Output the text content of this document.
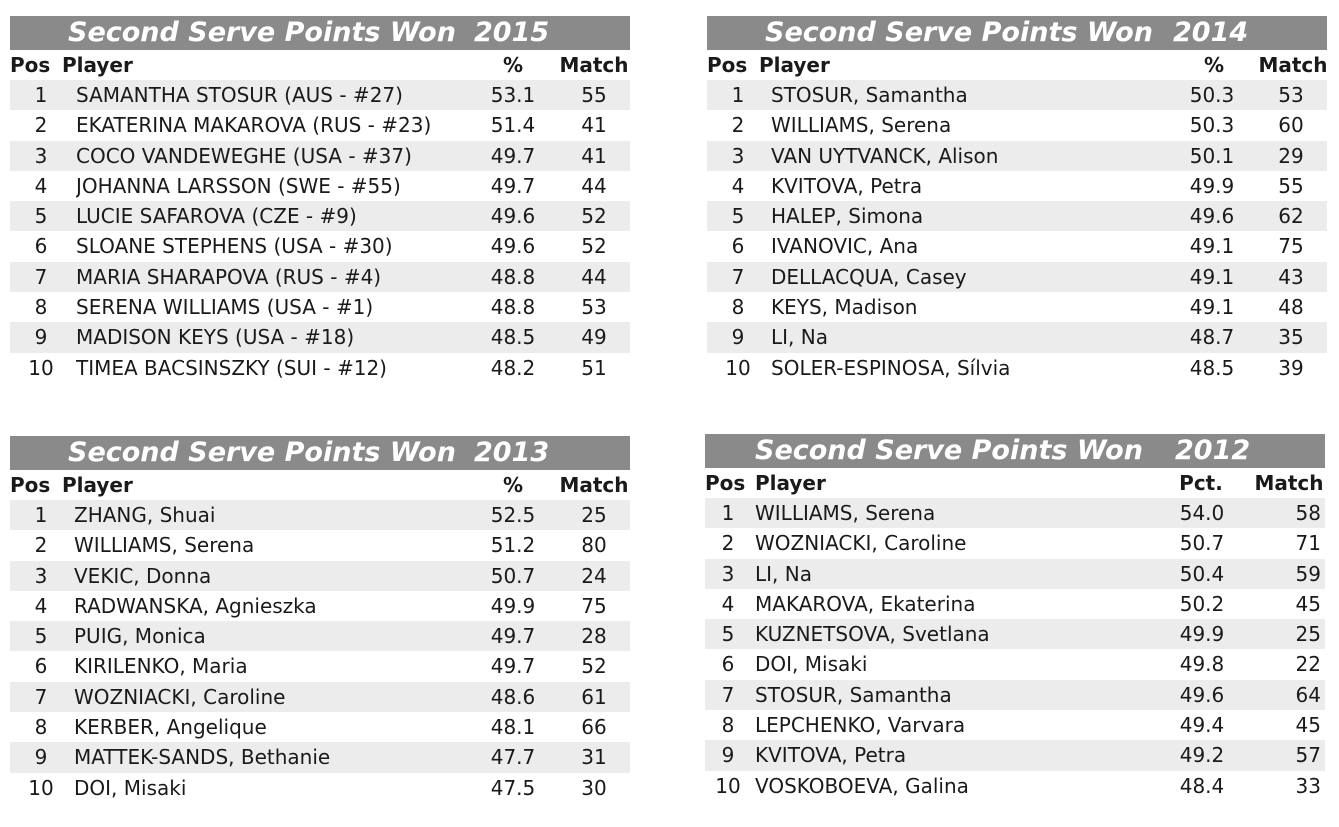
Second Serve Points Won 2015
Pos Player	%	Match
1	SAMANTHA STOSUR (AUS - #27)	53.1	55
2	EKATERINA MAKAROVA (RUS - #23)	51.4	41
3	COCO VANDEWEGHE (USA - #37)	49.7	41
4	JOHANNA LARSSON (SWE - #55)	49.7	44
5	LUCIE SAFAROVA (CZE - #9)	49.6	52
6	SLOANE STEPHENS (USA - #30)	49.6	52
7	MARIA SHARAPOVA (RUS - #4)	48.8	44
8	SERENA WILLIAMS (USA - #1)	48.8	53
9	MADISON KEYS (USA - #18)	48.5	49
10	TIMEA BACSINSZKY (SUI - #12)	48.2	51
Second Serve Points Won 2014
Pos Player	%	Match
1	STOSUR, Samantha	50.3	53
2	WILLIAMS, Serena	50.3	60
3	VAN UYTVANCK, Alison	50.1	29
4	KVITOVA, Petra	49.9	55
5	HALEP, Simona	49.6	62
6	IVANOVIC, Ana	49.1	75
7	DELLACQUA, Casey	49.1	43
8	KEYS, Madison	49.1	48
9	LI, Na	48.7	35
10	SOLER-ESPINOSA, Sílvia	48.5	39
Second Serve Points Won 2013
Pos Player	%	Match
1	ZHANG, Shuai	52.5	25
2	WILLIAMS, Serena	51.2	80
3	VEKIC, Donna	50.7	24
4	RADWANSKA, Agnieszka	49.9	75
5	PUIG, Monica	49.7	28
6	KIRILENKO, Maria	49.7	52
7	WOZNIACKI, Caroline	48.6	61
8	KERBER, Angelique	48.1	66
9	MATTEK-SANDS, Bethanie	47.7	31
10	DOI, Misaki	47.5	30
Second Serve Points Won 2012
Pos Player	Pct.	Match
1	WILLIAMS, Serena	54.0	58
2	WOZNIACKI, Caroline	50.7	71
3	LI, Na	50.4	59
4	MAKAROVA, Ekaterina	50.2	45
5	KUZNETSOVA, Svetlana	49.9	25
6	DOI, Misaki	49.8	22
7	STOSUR, Samantha	49.6	64
8	LEPCHENKO, Varvara	49.4	45
9	KVITOVA, Petra	49.2	57
10 VOSKOBOEVA, Galina	48.4	33
